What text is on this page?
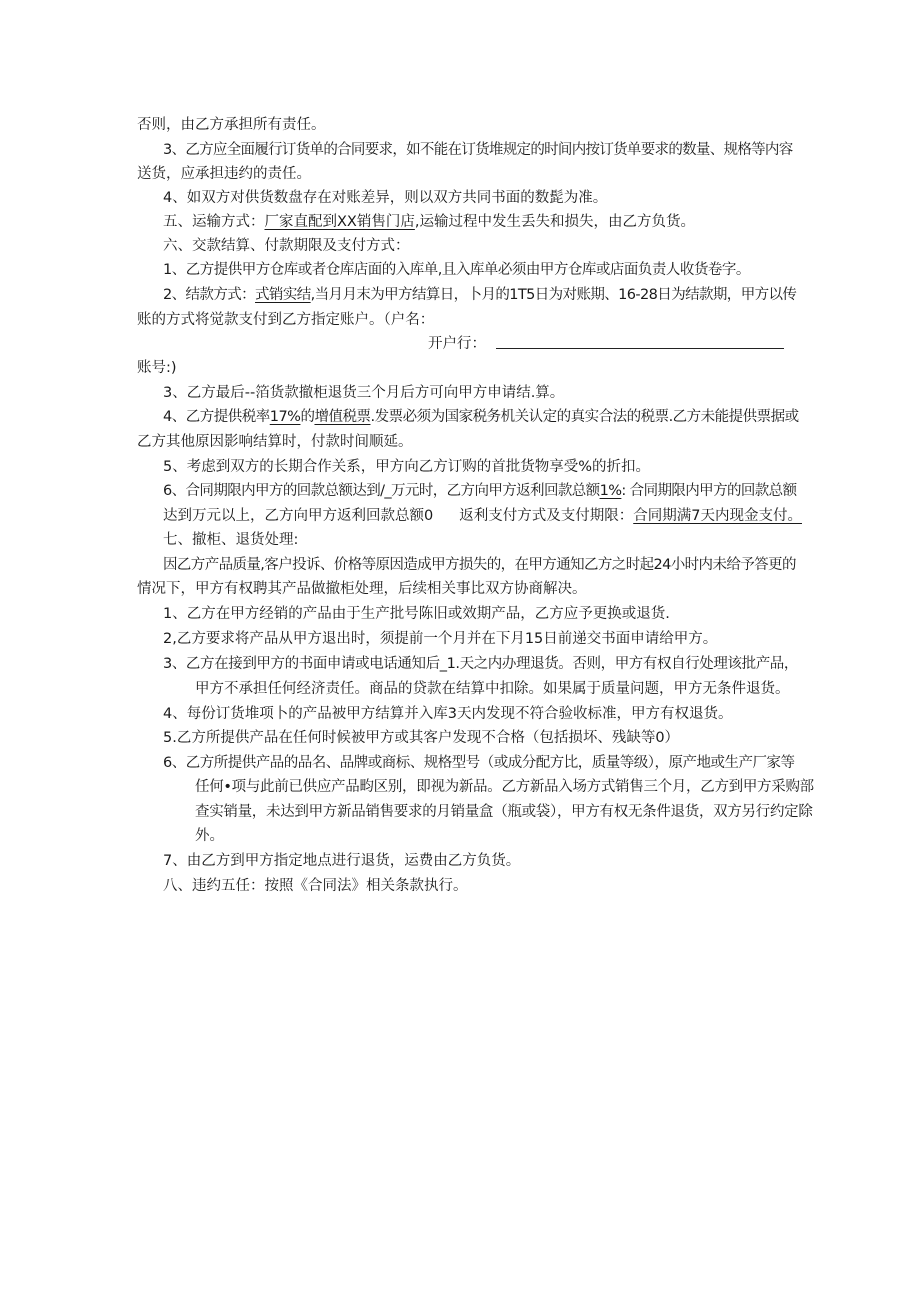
否则，由乙方承担所有责任。
3、乙方应全面履行订货单的合同要求，如不能在订货堆规定的时间内按订货单要求的数量、规格等内容
送货，应承担违约的责任。
4、如双方对供货数盘存在对账差异，则以双方共同书面的数髭为准。
五、运输方式：厂家直配到XX销售门店,运输过程中发生丢失和损失，由乙方负货。
六、交款结算、付款期限及支付方式：
1、乙方提供甲方仓库或者仓库店面的入库单,且入库单必须由甲方仓库或店面负责人收货卷字。
2、结款方式：式销实结,当月月末为甲方结算日，卜月的1T5日为对账期、16-28日为结款期，甲方以传
账的方式将觉款支付到乙方指定账户。（户名：
开户行：
账号:)
3、乙方最后--箔货款撤柜退货三个月后方可向甲方申请结.算。
4、乙方提供税率17%的增值税票.发票必须为国家税务机关认定的真实合法的税票.乙方未能提供票据或
乙方其他原因影响结算时，付款时间顺延。
5、考虑到双方的长期合作关系，甲方向乙方订购的首批货物享受%的折扣。
6、合同期限内甲方的回款总额达到/_万元时，乙方向甲方返利回款总额1%: 合同期限内甲方的回款总额
达到万元以上，乙方向甲方返利回款总额0 返利支付方式及支付期限：合同期满7天内现金支付。
七、撤柜、退货处理:
因乙方产品质量,客户投诉、价格等原因造成甲方损失的，在甲方通知乙方之时起24小时内未给予答更的
情况下，甲方有权聘其产品做撤柜处理，后续相关事比双方协商解决。
1、乙方在甲方经销的产品由于生产批号陈旧或效期产品，乙方应予更换或退货.
2,乙方要求将产品从甲方退出时，须提前一个月并在下月15日前递交书面申请给甲方。
3、乙方在接到甲方的书面申请或电话通知后_1.天之内办理退货。否则，甲方有权自行处理该批产品，
甲方不承担任何经济责任。商品的贷款在结算中扣除。如果属于质量问题，甲方无条件退货。
4、每份订货堆项卜的产品被甲方结算并入库3天内发现不符合验收标准，甲方有权退货。
5.乙方所提供产品在任何时候被甲方或其客户发现不合格（包括损坏、残缺等0）
6、乙方所提供产品的品名、品牌或商标、规格型号（或成分配方比，质量等级），原产地或生产厂家等
任何•项与此前已供应产品畇区别，即视为新品。乙方新品入场方式销售三个月，乙方到甲方采购部
查实销量，未达到甲方新品销售要求的月销量盒（瓶或袋），甲方有权无条件退货，双方另行约定除
外。
7、由乙方到甲方指定地点进行退货，运费由乙方负货。
八、违约五任：按照《合同法》相关条款执行。
